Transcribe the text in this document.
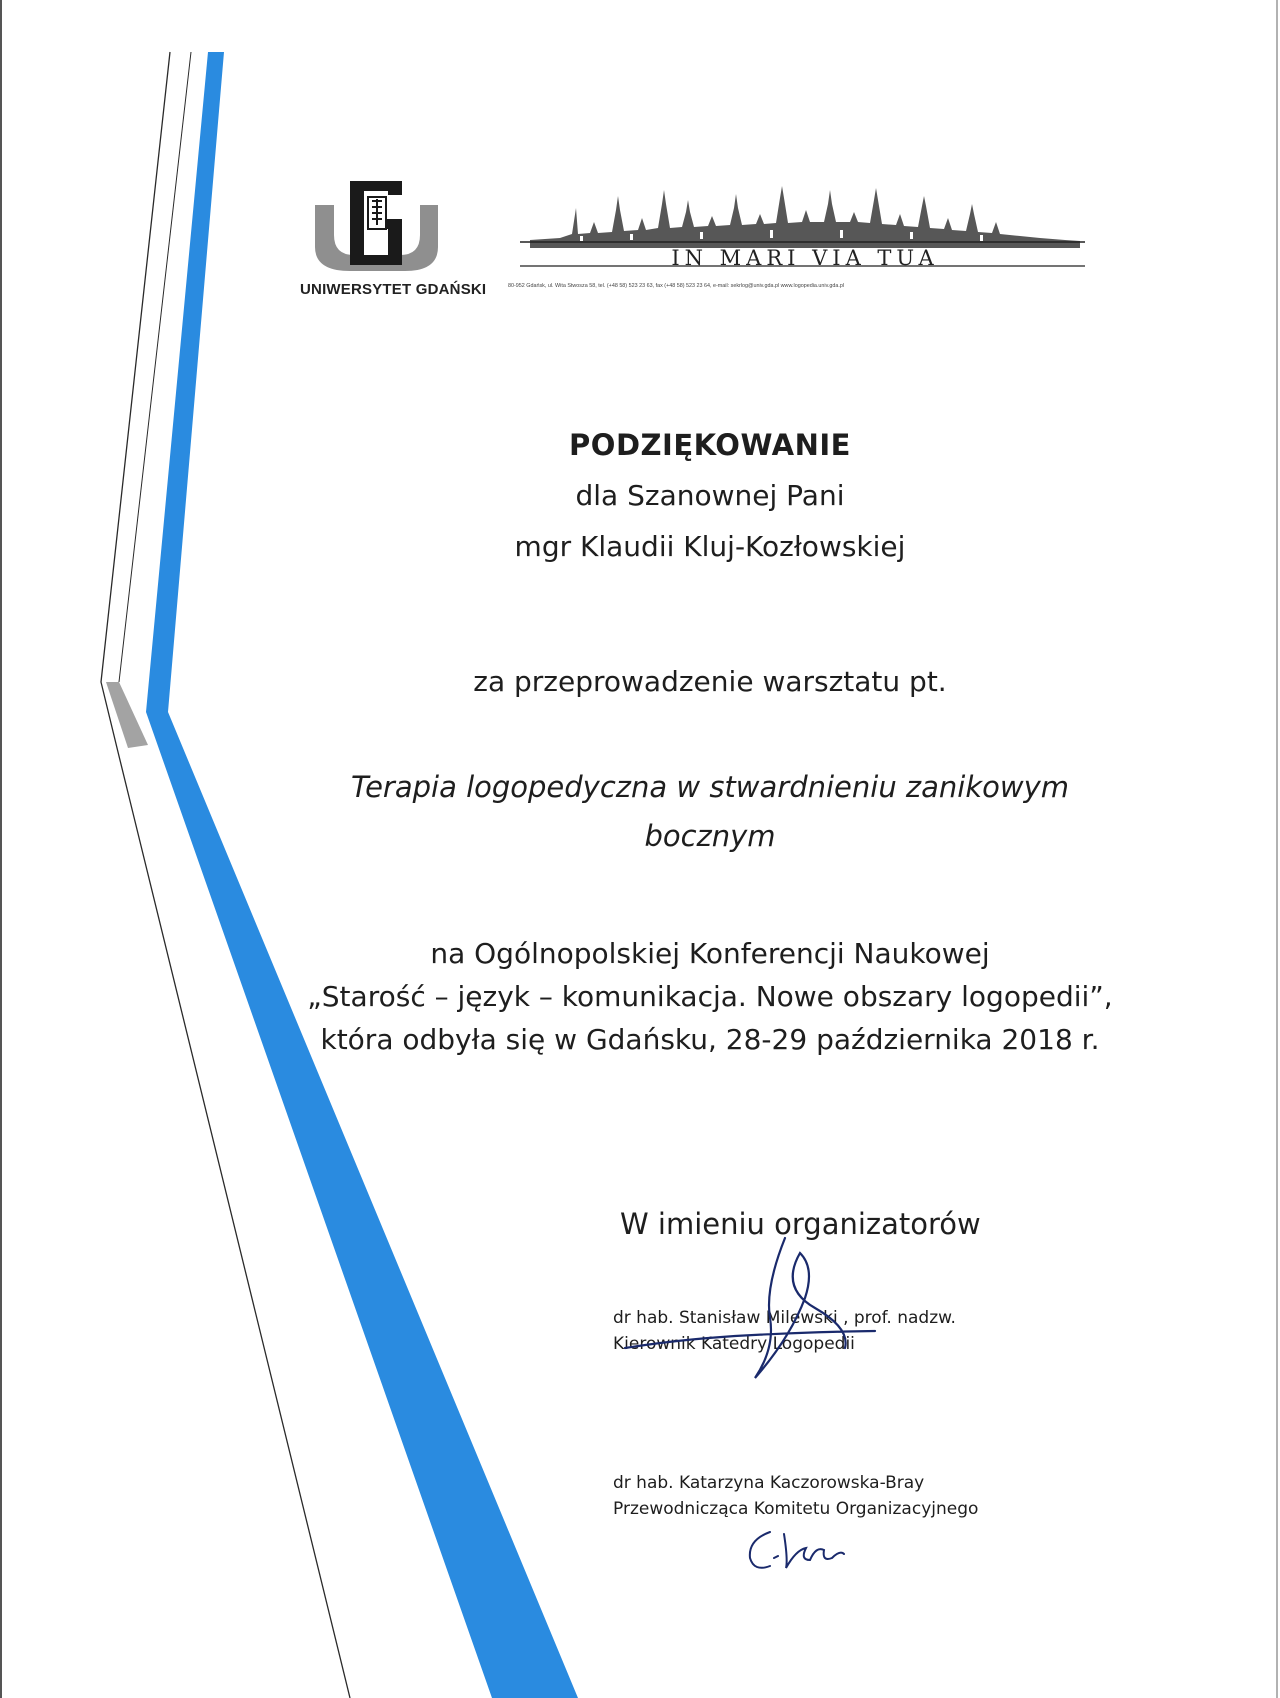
UNIWERSYTET GDAŃSKI
IN MARI VIA TUA
80-952 Gdańsk, ul. Wita Stwosza 58, tel. (+48 58) 523 23 63, fax (+48 58) 523 23 64, e-mail: sekrlog@univ.gda.pl www.logopedia.univ.gda.pl
PODZIĘKOWANIE
dla Szanownej Pani
mgr Klaudii Kluj-Kozłowskiej
za przeprowadzenie warsztatu pt.
Terapia logopedyczna w stwardnieniu zanikowym
bocznym
na Ogólnopolskiej Konferencji Naukowej
„Starość – język – komunikacja. Nowe obszary logopedii”,
która odbyła się w Gdańsku, 28-29 października 2018 r.
W imieniu organizatorów
dr hab. Stanisław Milewski , prof. nadzw.
Kierownik Katedry Logopedii
dr hab. Katarzyna Kaczorowska-Bray
Przewodnicząca Komitetu Organizacyjnego
